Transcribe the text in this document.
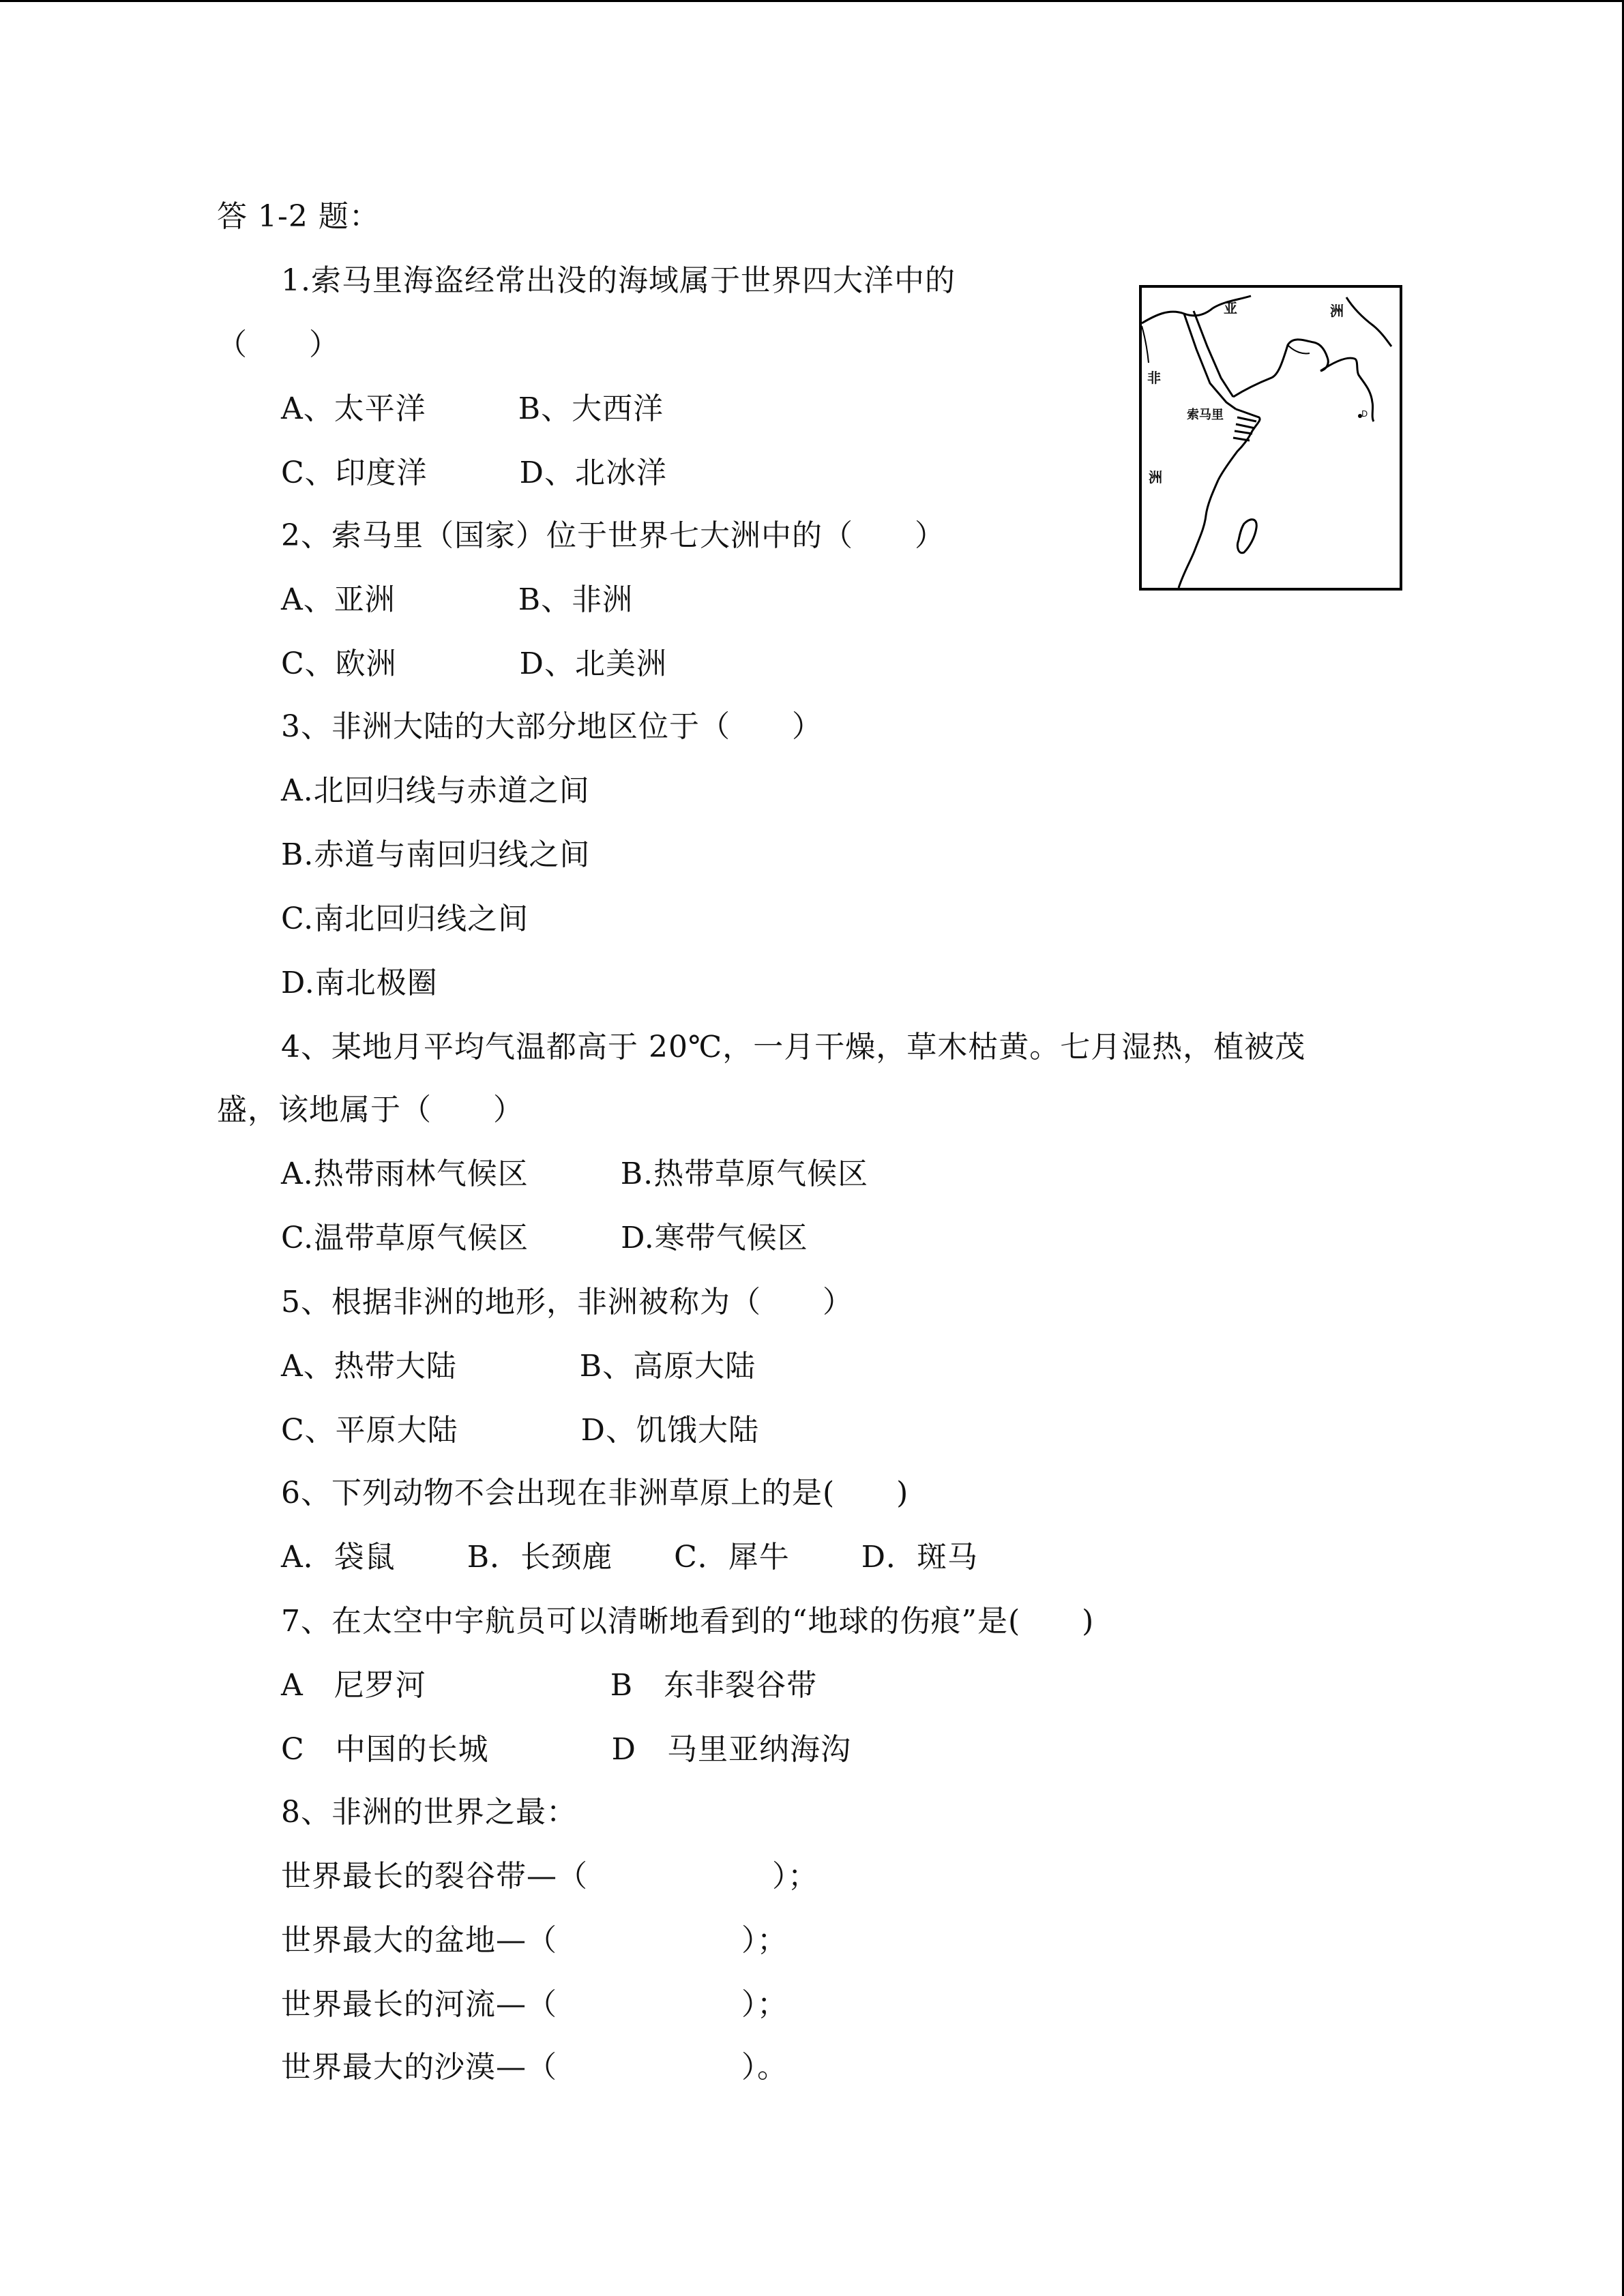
答 1-2 题：
1.索马里海盗经常出没的海域属于世界四大洋中的
（　　）
A、太平洋　　　B、大西洋
C、印度洋　　　D、北冰洋
2、索马里（国家）位于世界七大洲中的（　　）
A、亚洲　　　　B、非洲
C、欧洲　　　　D、北美洲
3、非洲大陆的大部分地区位于（　　）
A.北回归线与赤道之间
B.赤道与南回归线之间
C.南北回归线之间
D.南北极圈
4、某地月平均气温都高于 20℃，一月干燥，草木枯黄。七月湿热，植被茂
盛，该地属于（　　）
A.热带雨林气候区　　　B.热带草原气候区
C.温带草原气候区　　　D.寒带气候区
5、根据非洲的地形，非洲被称为（　　）
A、热带大陆　　　　B、高原大陆
C、平原大陆　　　　D、饥饿大陆
6、下列动物不会出现在非洲草原上的是(　　)
A．袋鼠　　 B．长颈鹿　　C．犀牛　　 D．斑马
7、在太空中宇航员可以清晰地看到的“地球的伤痕”是(　　)
A　尼罗河　　　　　　B　东非裂谷带
C　中国的长城　　　　D　马里亚纳海沟
8、非洲的世界之最：
世界最长的裂谷带—（　　　　　　）；
世界最大的盆地—（　　　　　　）；
世界最长的河流—（　　　　　　）；
世界最大的沙漠—（　　　　　　）。
亚	洲
非
洲
索马里	D
